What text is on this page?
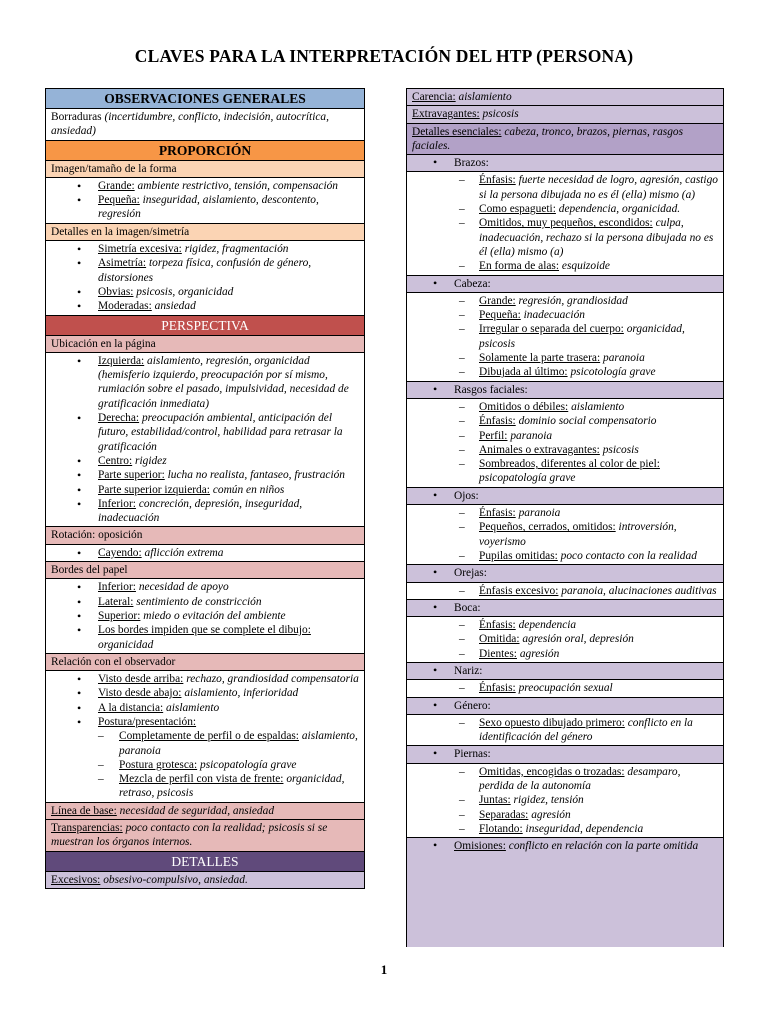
CLAVES PARA LA INTERPRETACIÓN DEL HTP (PERSONA)
OBSERVACIONES GENERALES
Borraduras (incertidumbre, conflicto, indecisión, autocrítica, ansiedad)
PROPORCIÓN
Imagen/tamaño de la forma
• Grande: ambiente restrictivo, tensión, compensación
• Pequeña: inseguridad, aislamiento, descontento, regresión
Detalles en la imagen/simetría
• Simetría excesiva: rigidez, fragmentación
• Asimetría: torpeza física, confusión de género, distorsiones
• Obvias: psicosis, organicidad
• Moderadas: ansiedad
PERSPECTIVA
Ubicación en la página
• Izquierda: aislamiento, regresión, organicidad (hemisferio izquierdo, preocupación por sí mismo, rumiación sobre el pasado, impulsividad, necesidad de gratificación inmediata)
• Derecha: preocupación ambiental, anticipación del futuro, estabilidad/control, habilidad para retrasar la gratificación
• Centro: rigidez
• Parte superior: lucha no realista, fantaseo, frustración
• Parte superior izquierda: común en niños
• Inferior: concreción, depresión, inseguridad, inadecuación
Rotación: oposición
• Cayendo: aflicción extrema
Bordes del papel
• Inferior: necesidad de apoyo
• Lateral: sentimiento de constricción
• Superior: miedo o evitación del ambiente
• Los bordes impiden que se complete el dibujo: organicidad
Relación con el observador
• Visto desde arriba: rechazo, grandiosidad compensatoria
• Visto desde abajo: aislamiento, inferioridad
• A la distancia: aislamiento
• Postura/presentación:
– Completamente de perfil o de espaldas: aislamiento, paranoia
– Postura grotesca: psicopatología grave
– Mezcla de perfil con vista de frente: organicidad, retraso, psicosis
Línea de base: necesidad de seguridad, ansiedad
Transparencias: poco contacto con la realidad; psicosis si se muestran los órganos internos.
DETALLES
Excesivos: obsesivo-compulsivo, ansiedad.
Carencia: aislamiento
Extravagantes: psicosis
Detalles esenciales: cabeza, tronco, brazos, piernas, rasgos faciales.
• Brazos:
– Énfasis: fuerte necesidad de logro, agresión, castigo si la persona dibujada no es él (ella) mismo (a)
– Como espagueti: dependencia, organicidad.
– Omitidos, muy pequeños, escondidos: culpa, inadecuación, rechazo si la persona dibujada no es él (ella) mismo (a)
– En forma de alas: esquizoide
• Cabeza:
– Grande: regresión, grandiosidad
– Pequeña: inadecuación
– Irregular o separada del cuerpo: organicidad, psicosis
– Solamente la parte trasera: paranoia
– Dibujada al último: psicotología grave
• Rasgos faciales:
– Omitidos o débiles: aislamiento
– Énfasis: dominio social compensatorio
– Perfil: paranoia
– Animales o extravagantes: psicosis
– Sombreados, diferentes al color de piel: psicopatología grave
• Ojos:
– Énfasis: paranoia
– Pequeños, cerrados, omitidos: introversión, voyerismo
– Pupilas omitidas: poco contacto con la realidad
• Orejas:
– Énfasis excesivo: paranoia, alucinaciones auditivas
• Boca:
– Énfasis: dependencia
– Omitida: agresión oral, depresión
– Dientes: agresión
• Nariz:
– Énfasis: preocupación sexual
• Género:
– Sexo opuesto dibujado primero: conflicto en la identificación del género
• Piernas:
– Omitidas, encogidas o trozadas: desamparo, perdida de la autonomía
– Juntas: rigidez, tensión
– Separadas: agresión
– Flotando: inseguridad, dependencia
• Omisiones: conflicto en relación con la parte omitida
1
